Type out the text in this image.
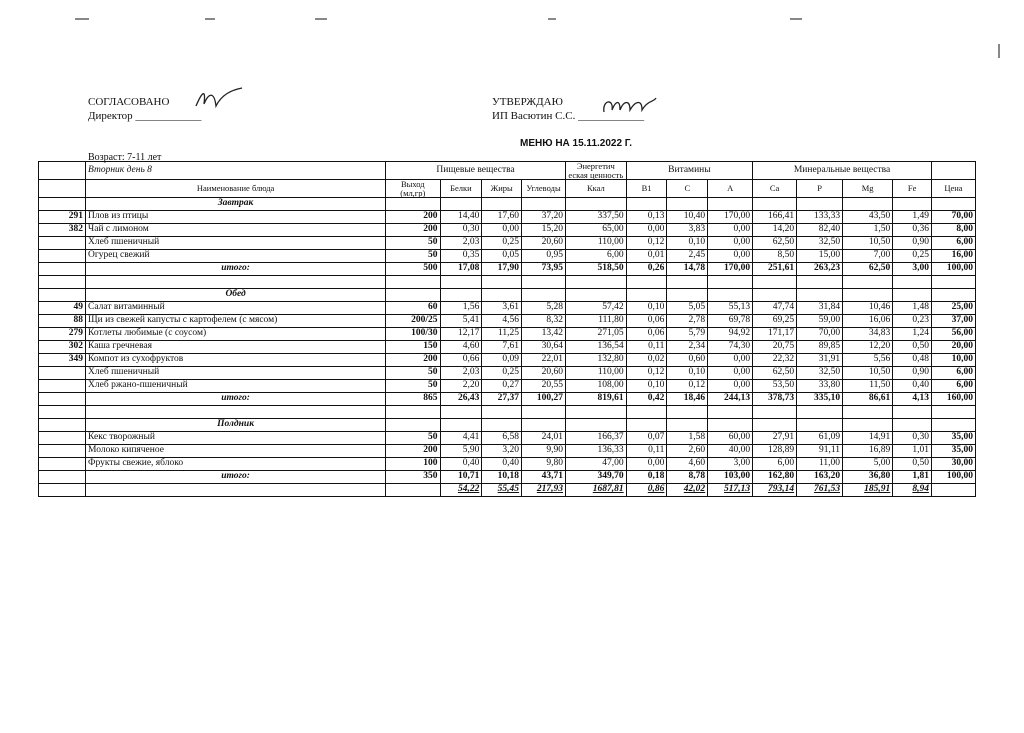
СОГЛАСОВАНО
Директор ____________
УТВЕРЖДАЮ
ИП Васютин С.С. ____________
МЕНЮ НА 15.11.2022 Г.
Возраст: 7-11 лет
	Вторник день 8	Пищевые вещества				Энергетич еская ценность	Витамины			Минеральные вещества				
	Наименование блюда	Выход (мл,гр)	Белки	Жиры	Углеводы	Ккал	B1	C	A	Ca	P	Mg	Fe	Цена
	Завтрак													
291	Плов из птицы	200	14,40	17,60	37,20	337,50	0,13	10,40	170,00	166,41	133,33	43,50	1,49	70,00
382	Чай с лимоном	200	0,30	0,00	15,20	65,00	0,00	3,83	0,00	14,20	82,40	1,50	0,36	8,00
	Хлеб пшеничный	50	2,03	0,25	20,60	110,00	0,12	0,10	0,00	62,50	32,50	10,50	0,90	6,00
	Огурец свежий	50	0,35	0,05	0,95	6,00	0,01	2,45	0,00	8,50	15,00	7,00	0,25	16,00
	итого:	500	17,08	17,90	73,95	518,50	0,26	14,78	170,00	251,61	263,23	62,50	3,00	100,00

	Обед													
49	Салат витаминный	60	1,56	3,61	5,28	57,42	0,10	5,05	55,13	47,74	31,84	10,46	1,48	25,00
88	Щи из свежей капусты с картофелем (с мясом)	200/25	5,41	4,56	8,32	111,80	0,06	2,78	69,78	69,25	59,00	16,06	0,23	37,00
279	Котлеты любимые (с соусом)	100/30	12,17	11,25	13,42	271,05	0,06	5,79	94,92	171,17	70,00	34,83	1,24	56,00
302	Каша гречневая	150	4,60	7,61	30,64	136,54	0,11	2,34	74,30	20,75	89,85	12,20	0,50	20,00
349	Компот из сухофруктов	200	0,66	0,09	22,01	132,80	0,02	0,60	0,00	22,32	31,91	5,56	0,48	10,00
	Хлеб пшеничный	50	2,03	0,25	20,60	110,00	0,12	0,10	0,00	62,50	32,50	10,50	0,90	6,00
	Хлеб ржано-пшеничный	50	2,20	0,27	20,55	108,00	0,10	0,12	0,00	53,50	33,80	11,50	0,40	6,00
	итого:	865	26,43	27,37	100,27	819,61	0,42	18,46	244,13	378,73	335,10	86,61	4,13	160,00

	Полдник													
	Кекс творожный	50	4,41	6,58	24,01	166,37	0,07	1,58	60,00	27,91	61,09	14,91	0,30	35,00
	Молоко кипяченое	200	5,90	3,20	9,90	136,33	0,11	2,60	40,00	128,89	91,11	16,89	1,01	35,00
	Фрукты свежие, яблоко	100	0,40	0,40	9,80	47,00	0,00	4,60	3,00	6,00	11,00	5,00	0,50	30,00
	итого:	350	10,71	10,18	43,71	349,70	0,18	8,78	103,00	162,80	163,20	36,80	1,81	100,00
			54,22	55,45	217,93	1687,81	0,86	42,02	517,13	793,14	761,53	185,91	8,94	
